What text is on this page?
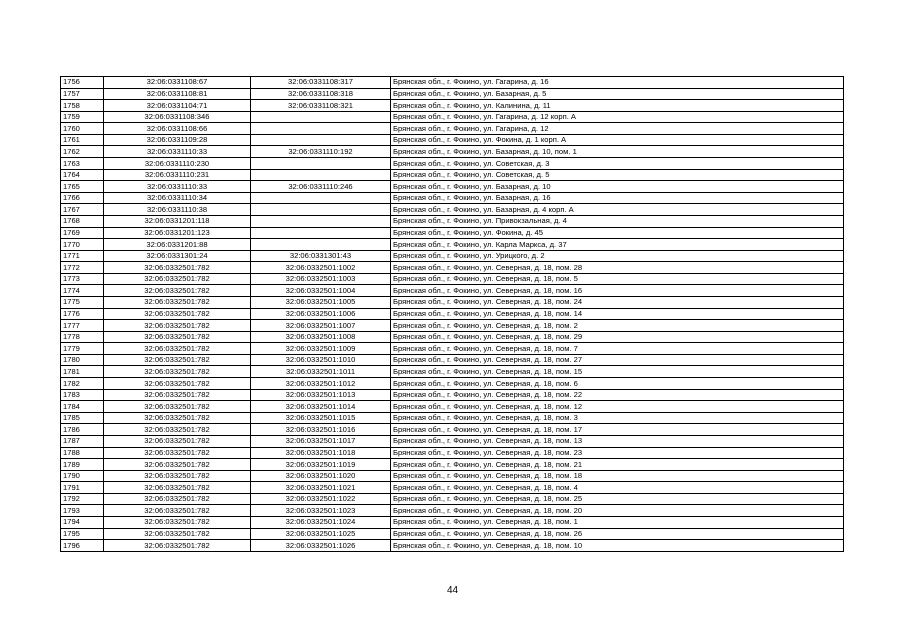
1756	32:06:0331108:67	32:06:0331108:317	Брянская обл., г. Фокино, ул. Гагарина, д. 16
1757	32:06:0331108:81	32:06:0331108:318	Брянская обл., г. Фокино, ул. Базарная, д. 5
1758	32:06:0331104:71	32:06:0331108:321	Брянская обл., г. Фокино, ул. Калинина, д. 11
1759	32:06:0331108:346		Брянская обл., г. Фокино, ул. Гагарина, д. 12 корп. А
1760	32:06:0331108:66		Брянская обл., г. Фокино, ул. Гагарина, д. 12
1761	32:06:0331109:28		Брянская обл., г. Фокино, ул. Фокина, д. 1 корп. А
1762	32:06:0331110:33	32:06:0331110:192	Брянская обл., г. Фокино, ул. Базарная, д. 10, пом. 1
1763	32:06:0331110:230		Брянская обл., г. Фокино, ул. Советская, д. 3
1764	32:06:0331110:231		Брянская обл., г. Фокино, ул. Советская, д. 5
1765	32:06:0331110:33	32:06:0331110:246	Брянская обл., г. Фокино, ул. Базарная, д. 10
1766	32:06:0331110:34		Брянская обл., г. Фокино, ул. Базарная, д. 16
1767	32:06:0331110:38		Брянская обл., г. Фокино, ул. Базарная, д. 4 корп. А
1768	32:06:0331201:118		Брянская обл., г. Фокино, ул. Привокзальная, д. 4
1769	32:06:0331201:123		Брянская обл., г. Фокино, ул. Фокина, д. 45
1770	32:06:0331201:88		Брянская обл., г. Фокино, ул. Карла Маркса, д. 37
1771	32:06:0331301:24	32:06:0331301:43	Брянская обл., г. Фокино, ул. Урицкого, д. 2
1772	32:06:0332501:782	32:06:0332501:1002	Брянская обл., г. Фокино, ул. Северная, д. 18, пом. 28
1773	32:06:0332501:782	32:06:0332501:1003	Брянская обл., г. Фокино, ул. Северная, д. 18, пом. 5
1774	32:06:0332501:782	32:06:0332501:1004	Брянская обл., г. Фокино, ул. Северная, д. 18, пом. 16
1775	32:06:0332501:782	32:06:0332501:1005	Брянская обл., г. Фокино, ул. Северная, д. 18, пом. 24
1776	32:06:0332501:782	32:06:0332501:1006	Брянская обл., г. Фокино, ул. Северная, д. 18, пом. 14
1777	32:06:0332501:782	32:06:0332501:1007	Брянская обл., г. Фокино, ул. Северная, д. 18, пом. 2
1778	32:06:0332501:782	32:06:0332501:1008	Брянская обл., г. Фокино, ул. Северная, д. 18, пом. 29
1779	32:06:0332501:782	32:06:0332501:1009	Брянская обл., г. Фокино, ул. Северная, д. 18, пом. 7
1780	32:06:0332501:782	32:06:0332501:1010	Брянская обл., г. Фокино, ул. Северная, д. 18, пом. 27
1781	32:06:0332501:782	32:06:0332501:1011	Брянская обл., г. Фокино, ул. Северная, д. 18, пом. 15
1782	32:06:0332501:782	32:06:0332501:1012	Брянская обл., г. Фокино, ул. Северная, д. 18, пом. 6
1783	32:06:0332501:782	32:06:0332501:1013	Брянская обл., г. Фокино, ул. Северная, д. 18, пом. 22
1784	32:06:0332501:782	32:06:0332501:1014	Брянская обл., г. Фокино, ул. Северная, д. 18, пом. 12
1785	32:06:0332501:782	32:06:0332501:1015	Брянская обл., г. Фокино, ул. Северная, д. 18, пом. 3
1786	32:06:0332501:782	32:06:0332501:1016	Брянская обл., г. Фокино, ул. Северная, д. 18, пом. 17
1787	32:06:0332501:782	32:06:0332501:1017	Брянская обл., г. Фокино, ул. Северная, д. 18, пом. 13
1788	32:06:0332501:782	32:06:0332501:1018	Брянская обл., г. Фокино, ул. Северная, д. 18, пом. 23
1789	32:06:0332501:782	32:06:0332501:1019	Брянская обл., г. Фокино, ул. Северная, д. 18, пом. 21
1790	32:06:0332501:782	32:06:0332501:1020	Брянская обл., г. Фокино, ул. Северная, д. 18, пом. 18
1791	32:06:0332501:782	32:06:0332501:1021	Брянская обл., г. Фокино, ул. Северная, д. 18, пом. 4
1792	32:06:0332501:782	32:06:0332501:1022	Брянская обл., г. Фокино, ул. Северная, д. 18, пом. 25
1793	32:06:0332501:782	32:06:0332501:1023	Брянская обл., г. Фокино, ул. Северная, д. 18, пом. 20
1794	32:06:0332501:782	32:06:0332501:1024	Брянская обл., г. Фокино, ул. Северная, д. 18, пом. 1
1795	32:06:0332501:782	32:06:0332501:1025	Брянская обл., г. Фокино, ул. Северная, д. 18, пом. 26
1796	32:06:0332501:782	32:06:0332501:1026	Брянская обл., г. Фокино, ул. Северная, д. 18, пом. 10
44
